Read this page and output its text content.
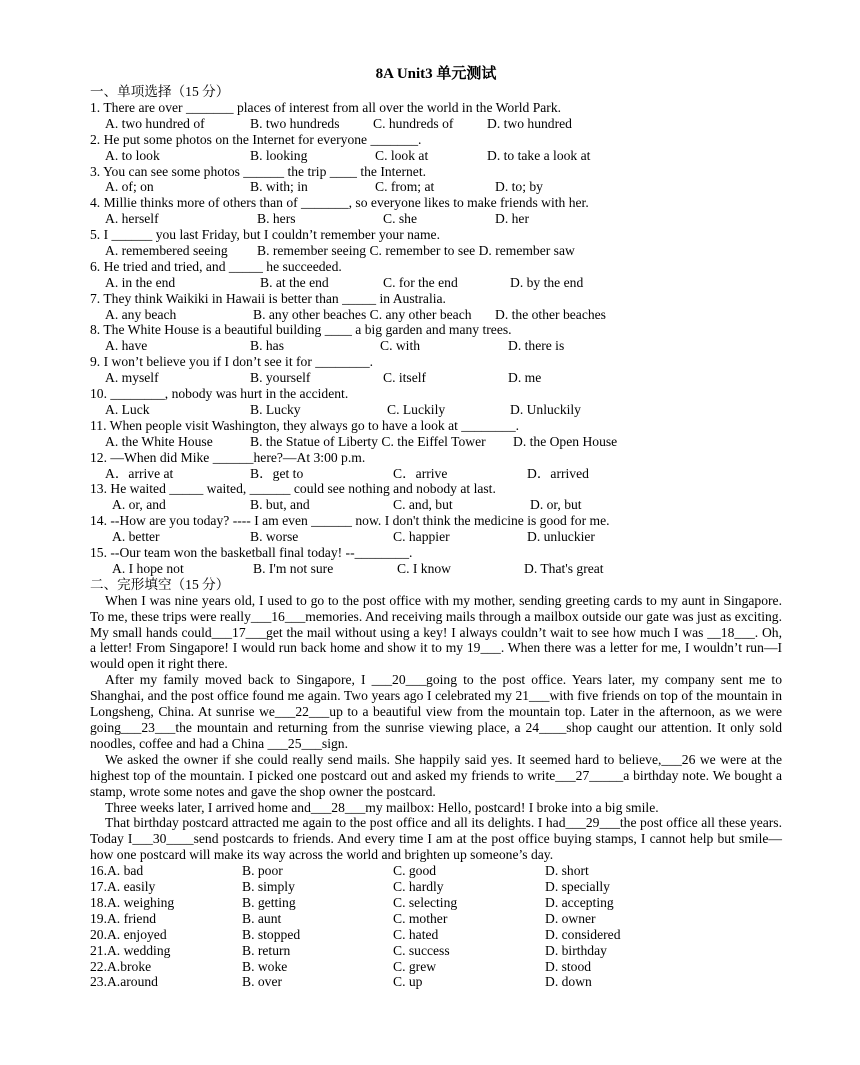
8A Unit3 单元测试
一、单项选择（15 分）
1. There are over _______ places of interest from all over the world in the World Park.
A. two hundred of	B. two hundreds C. hundreds of D. two hundred
2. He put some photos on the Internet for everyone _______.
A. to look	B. looking	C. look at	D. to take a look at
3. You can see some photos ______ the trip ____ the Internet.
A. of; on	B. with; in	C. from; at	D. to; by
4. Millie thinks more of others than of _______, so everyone likes to make friends with her.
A. herself	B. hers	C. she	D. her
5. I ______ you last Friday, but I couldn’t remember your name.
A. remembered seeing B. remember seeing C. remember to see D. remember saw
6. He tried and tried, and _____ he succeeded.
A. in the end	B. at the end	C. for the end	D. by the end
7. They think Waikiki in Hawaii is better than _____ in Australia.
A. any beach	B. any other beaches C. any other beach D. the other beaches
8. The White House is a beautiful building ____ a big garden and many trees.
A. have	B. has	C. with	D. there is
9. I won’t believe you if I don’t see it for ________.
A. myself	B. yourself	C. itself	D. me
10. ________, nobody was hurt in the accident.
A. Luck	B. Lucky	C. Luckily	D. Unluckily
11. When people visit Washington, they always go to have a look at ________.
A. the White House	B. the Statue of Liberty C. the Eiffel Tower D. the Open House
12. —When did Mike ______here?—At 3:00 p.m.
A．arrive at	B．get to	C．arrive	D．arrived
13. He waited _____ waited, ______ could see nothing and nobody at last.
A. or, and	B. but, and	C. and, but	D. or, but
14. --How are you today? ---- I am even ______ now. I don't think the medicine is good for me.
A. better	B. worse	C. happier	D. unluckier
15. --Our team won the basketball final today! --________.
A. I hope not	B. I'm not sure	C. I know	D. That's great
二、完形填空（15 分）

When I was nine years old, I used to go to the post office with my mother, sending greeting cards to my aunt in Singapore. To me, these trips were really___16___memories. And receiving mails through a mailbox outside our gate was just as exciting. My small hands could___17___get the mail without using a key! I always couldn’t wait to see how much I was __18___. Oh, a letter! From Singapore! I would run back home and show it to my 19___. When there was a letter for me, I wouldn’t run—I would open it right there.

After my family moved back to Singapore, I ___20___going to the post office. Years later, my company sent me to Shanghai, and the post office found me again. Two years ago I celebrated my 21___with five friends on top of the mountain in Longsheng, China. At sunrise we___22___up to a beautiful view from the mountain top. Later in the afternoon, as we were going___23___the mountain and returning from the sunrise viewing place, a 24____shop caught our attention. It only sold noodles, coffee and had a China ___25___sign.

We asked the owner if she could really send mails. She happily said yes. It seemed hard to believe,___26 we were at the highest top of the mountain. I picked one postcard out and asked my friends to write___27_____a birthday note. We bought a stamp, wrote some notes and gave the shop owner the postcard.

Three weeks later, I arrived home and___28___my mailbox: Hello, postcard! I broke into a big smile.

That birthday postcard attracted me again to the post office and all its delights. I had___29___the post office all these years. Today I___30____send postcards to friends. And every time I am at the post office buying stamps, I cannot help but smile—how one postcard will make its way across the world and brighten up someone’s day.

16.A. bad	B. poor	C. good	D. short
17.A. easily	B. simply	C. hardly	D. specially
18.A. weighing	B. getting	C. selecting	D. accepting
19.A. friend	B. aunt	C. mother	D. owner
20.A. enjoyed	B. stopped	C. hated	D. considered
21.A. wedding	B. return	C. success	D. birthday
22.A.broke	B. woke	C. grew	D. stood
23.A.around	B. over	C. up	D. down
